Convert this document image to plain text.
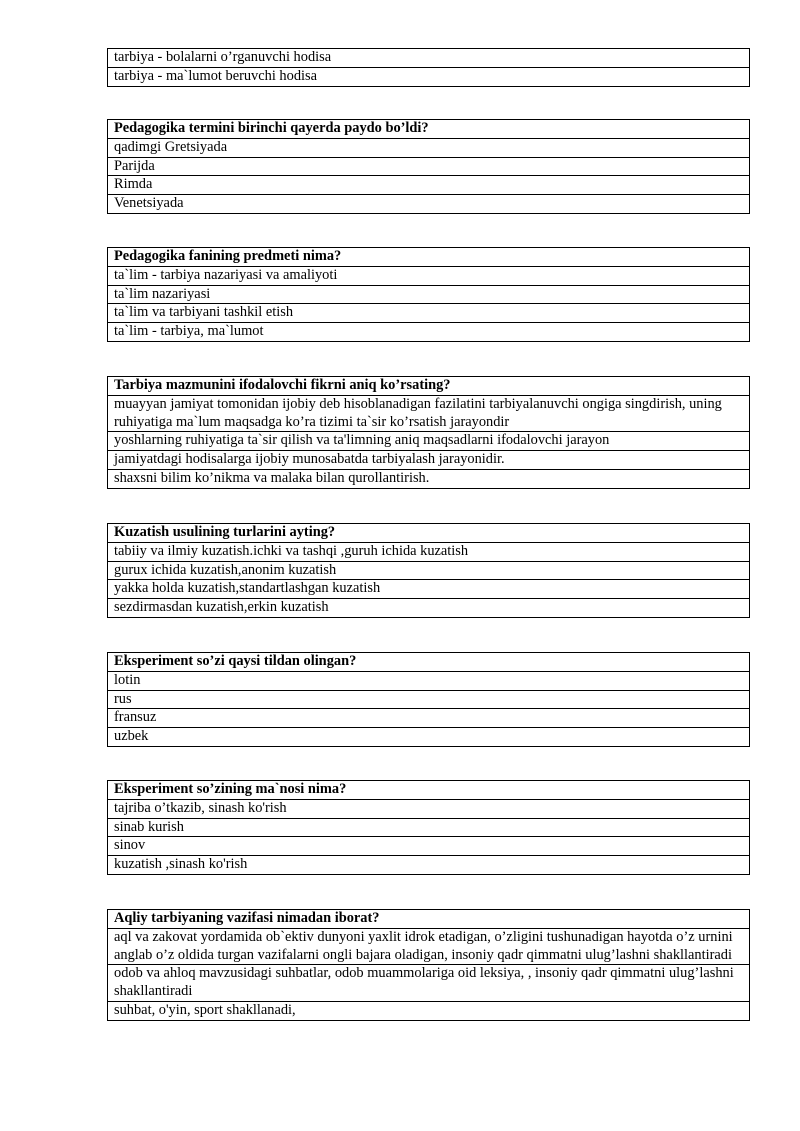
tarbiya - bolalarni o’rganuvchi hodisa
tarbiya - ma`lumot beruvchi hodisa
Pedagogika termini birinchi qayerda paydo bo’ldi?
qadimgi Gretsiyada
Parijda
Rimda
Venetsiyada
Pedagogika fanining predmeti nima?
ta`lim - tarbiya nazariyasi va amaliyoti
ta`lim nazariyasi
ta`lim va tarbiyani tashkil etish
ta`lim - tarbiya, ma`lumot
Tarbiya mazmunini ifodalovchi fikrni aniq ko’rsating?
muayyan jamiyat tomonidan ijobiy deb hisoblanadigan fazilatini tarbiyalanuvchi ongiga singdirish, uning ruhiyatiga ma`lum maqsadga ko’ra tizimi ta`sir ko’rsatish jarayondir
yoshlarning ruhiyatiga ta`sir qilish va ta'limning aniq maqsadlarni ifodalovchi jarayon
jamiyatdagi hodisalarga ijobiy munosabatda tarbiyalash jarayonidir.
shaxsni bilim ko’nikma va malaka bilan qurollantirish.
Kuzatish usulining turlarini ayting?
tabiiy va ilmiy kuzatish.ichki va tashqi ,guruh ichida kuzatish
gurux ichida kuzatish,anonim kuzatish
yakka holda kuzatish,standartlashgan kuzatish
sezdirmasdan kuzatish,erkin kuzatish
Eksperiment so’zi qaysi tildan olingan?
lotin
rus
fransuz
uzbek
Eksperiment so’zining ma`nosi nima?
tajriba o’tkazib, sinash ko'rish
sinab kurish
sinov
kuzatish ,sinash ko'rish
Aqliy tarbiyaning vazifasi nimadan iborat?
aql va zakovat yordamida ob`ektiv dunyoni yaxlit idrok etadigan, o’zligini tushunadigan hayotda o’z urnini anglab o’z oldida turgan vazifalarni ongli bajara oladigan, insoniy qadr qimmatni ulug’lashni shakllantiradi
odob va ahloq mavzusidagi suhbatlar, odob muammolariga oid leksiya, , insoniy qadr qimmatni ulug’lashni shakllantiradi
suhbat, o'yin, sport shakllanadi,
